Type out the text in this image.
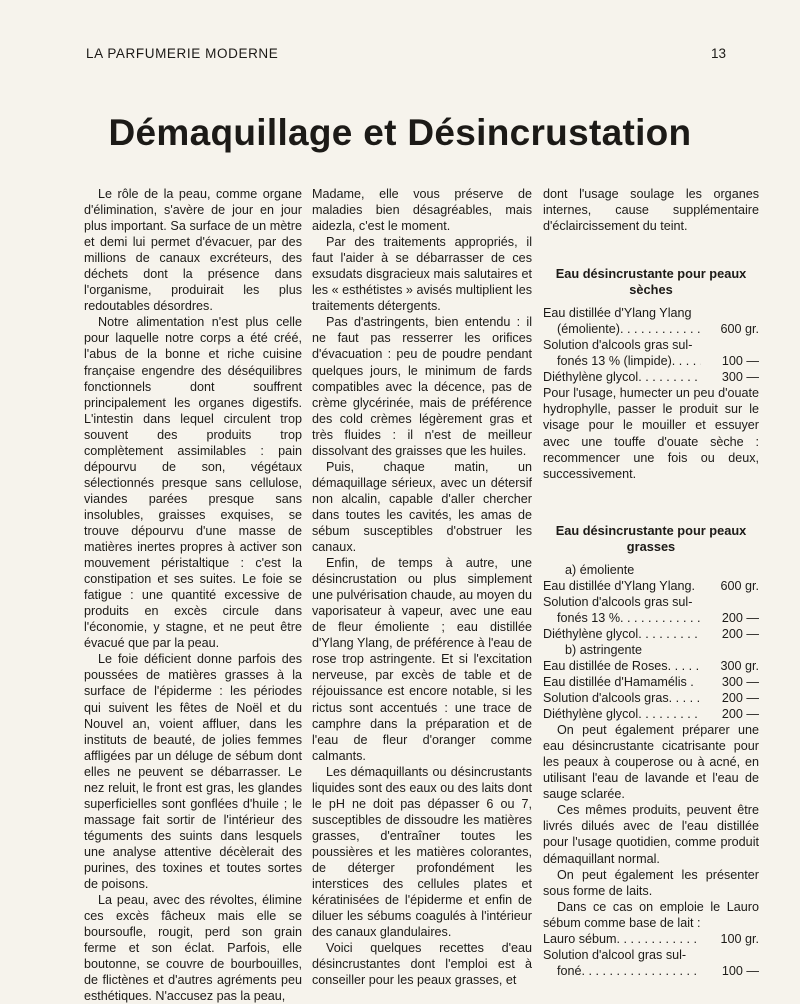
LA PARFUMERIE MODERNE	13
Démaquillage et Désincrustation

Le rôle de la peau, comme organe d'élimination, s'avère de jour en jour plus important. Sa surface de un mètre et demi lui permet d'évacuer, par des millions de canaux excréteurs, des déchets dont la présence dans l'organisme, produirait les plus redoutables désordres.

Notre alimentation n'est plus celle pour laquelle notre corps a été créé, l'abus de la bonne et riche cuisine française engendre des déséquilibres fonctionnels dont souffrent principalement les organes digestifs. L'intestin dans lequel circulent trop souvent des produits trop complètement assimilables : pain dépourvu de son, végétaux sélectionnés presque sans cellulose, viandes parées presque sans insolubles, graisses exquises, se trouve dépourvu d'une masse de matières inertes propres à activer son mouvement péristaltique : c'est la constipation et ses suites. Le foie se fatigue : une quantité excessive de produits en excès circule dans l'économie, y stagne, et ne peut être évacué que par la peau.

Le foie déficient donne parfois des poussées de matières grasses à la surface de l'épiderme : les périodes qui suivent les fêtes de Noël et du Nouvel an, voient affluer, dans les instituts de beauté, de jolies femmes affligées par un déluge de sébum dont elles ne peuvent se débarrasser. Le nez reluit, le front est gras, les glandes superficielles sont gonflées d'huile ; le massage fait sortir de l'intérieur des téguments des suints dans lesquels une analyse attentive décèlerait des purines, des toxines et toutes sortes de poisons.

La peau, avec des révoltes, élimine ces excès fâcheux mais elle se boursoufle, rougit, perd son grain ferme et son éclat. Parfois, elle boutonne, se couvre de bourbouilles, de flictènes et d'autres agréments peu esthétiques. N'accusez pas la peau,

Madame, elle vous préserve de maladies bien désagréables, mais aidezla, c'est le moment.

Par des traitements appropriés, il faut l'aider à se débarrasser de ces exsudats disgracieux mais salutaires et les « esthétistes » avisés multiplient les traitements détergents.

Pas d'astringents, bien entendu : il ne faut pas resserrer les orifices d'évacuation : peu de poudre pendant quelques jours, le minimum de fards compatibles avec la décence, pas de crème glycérinée, mais de préférence des cold crèmes légèrement gras et très fluides : il n'est de meilleur dissolvant des graisses que les huiles.

Puis, chaque matin, un démaquillage sérieux, avec un détersif non alcalin, capable d'aller chercher dans toutes les cavités, les amas de sébum susceptibles d'obstruer les canaux.

Enfin, de temps à autre, une désincrustation ou plus simplement une pulvérisation chaude, au moyen du vaporisateur à vapeur, avec une eau de fleur émoliente ; eau distillée d'Ylang Ylang, de préférence à l'eau de rose trop astringente. Et si l'excitation nerveuse, par excès de table et de réjouissance est encore notable, si les rictus sont accentués : une trace de camphre dans la préparation et de l'eau de fleur d'oranger comme calmants.

Les démaquillants ou désincrustants liquides sont des eaux ou des laits dont le pH ne doit pas dépasser 6 ou 7, susceptibles de dissoudre les matières grasses, d'entraîner toutes les poussières et les matières colorantes, de déterger profondément les interstices des cellules plates et kératinisées de l'épiderme et enfin de diluer les sébums coagulés à l'intérieur des canaux glandulaires.

Voici quelques recettes d'eau désincrustantes dont l'emploi est à conseiller pour les peaux grasses, et

dont l'usage soulage les organes internes, cause supplémentaire d'éclaircissement du teint.

Eau désincrustante pour peaux sèches
Eau distillée d'Ylang Ylang
(émoliente) . . .	600 gr.
Solution d'alcools gras sul-
fonés 13 % (limpide) . . .	100 —
Diéthylène glycol . . .	300 —

Pour l'usage, humecter un peu d'ouate hydrophylle, passer le produit sur le visage pour le mouiller et essuyer avec une touffe d'ouate sèche : recommencer une fois ou deux, successivement.

Eau désincrustante pour peaux grasses
a) émoliente
Eau distillée d'Ylang Ylang.	600 gr.
Solution d'alcools gras sul-
fonés 13 % . . .	200 —
Diéthylène glycol . . .	200 —
b) astringente
Eau distillée de Roses . . .	300 gr.
Eau distillée d'Hamamélis .	300 —
Solution d'alcools gras . . .	200 —
Diéthylène glycol . . .	200 —

On peut également préparer une eau désincrustante cicatrisante pour les peaux à couperose ou à acné, en utilisant l'eau de lavande et l'eau de sauge sclarée.

Ces mêmes produits, peuvent être livrés dilués avec de l'eau distillée pour l'usage quotidien, comme produit démaquillant normal.

On peut également les présenter sous forme de laits.

Dans ce cas on emploie le Lauro sébum comme base de lait :

Lauro sébum . . .	100 gr.
Solution d'alcool gras sul-
foné . . .	100 —
